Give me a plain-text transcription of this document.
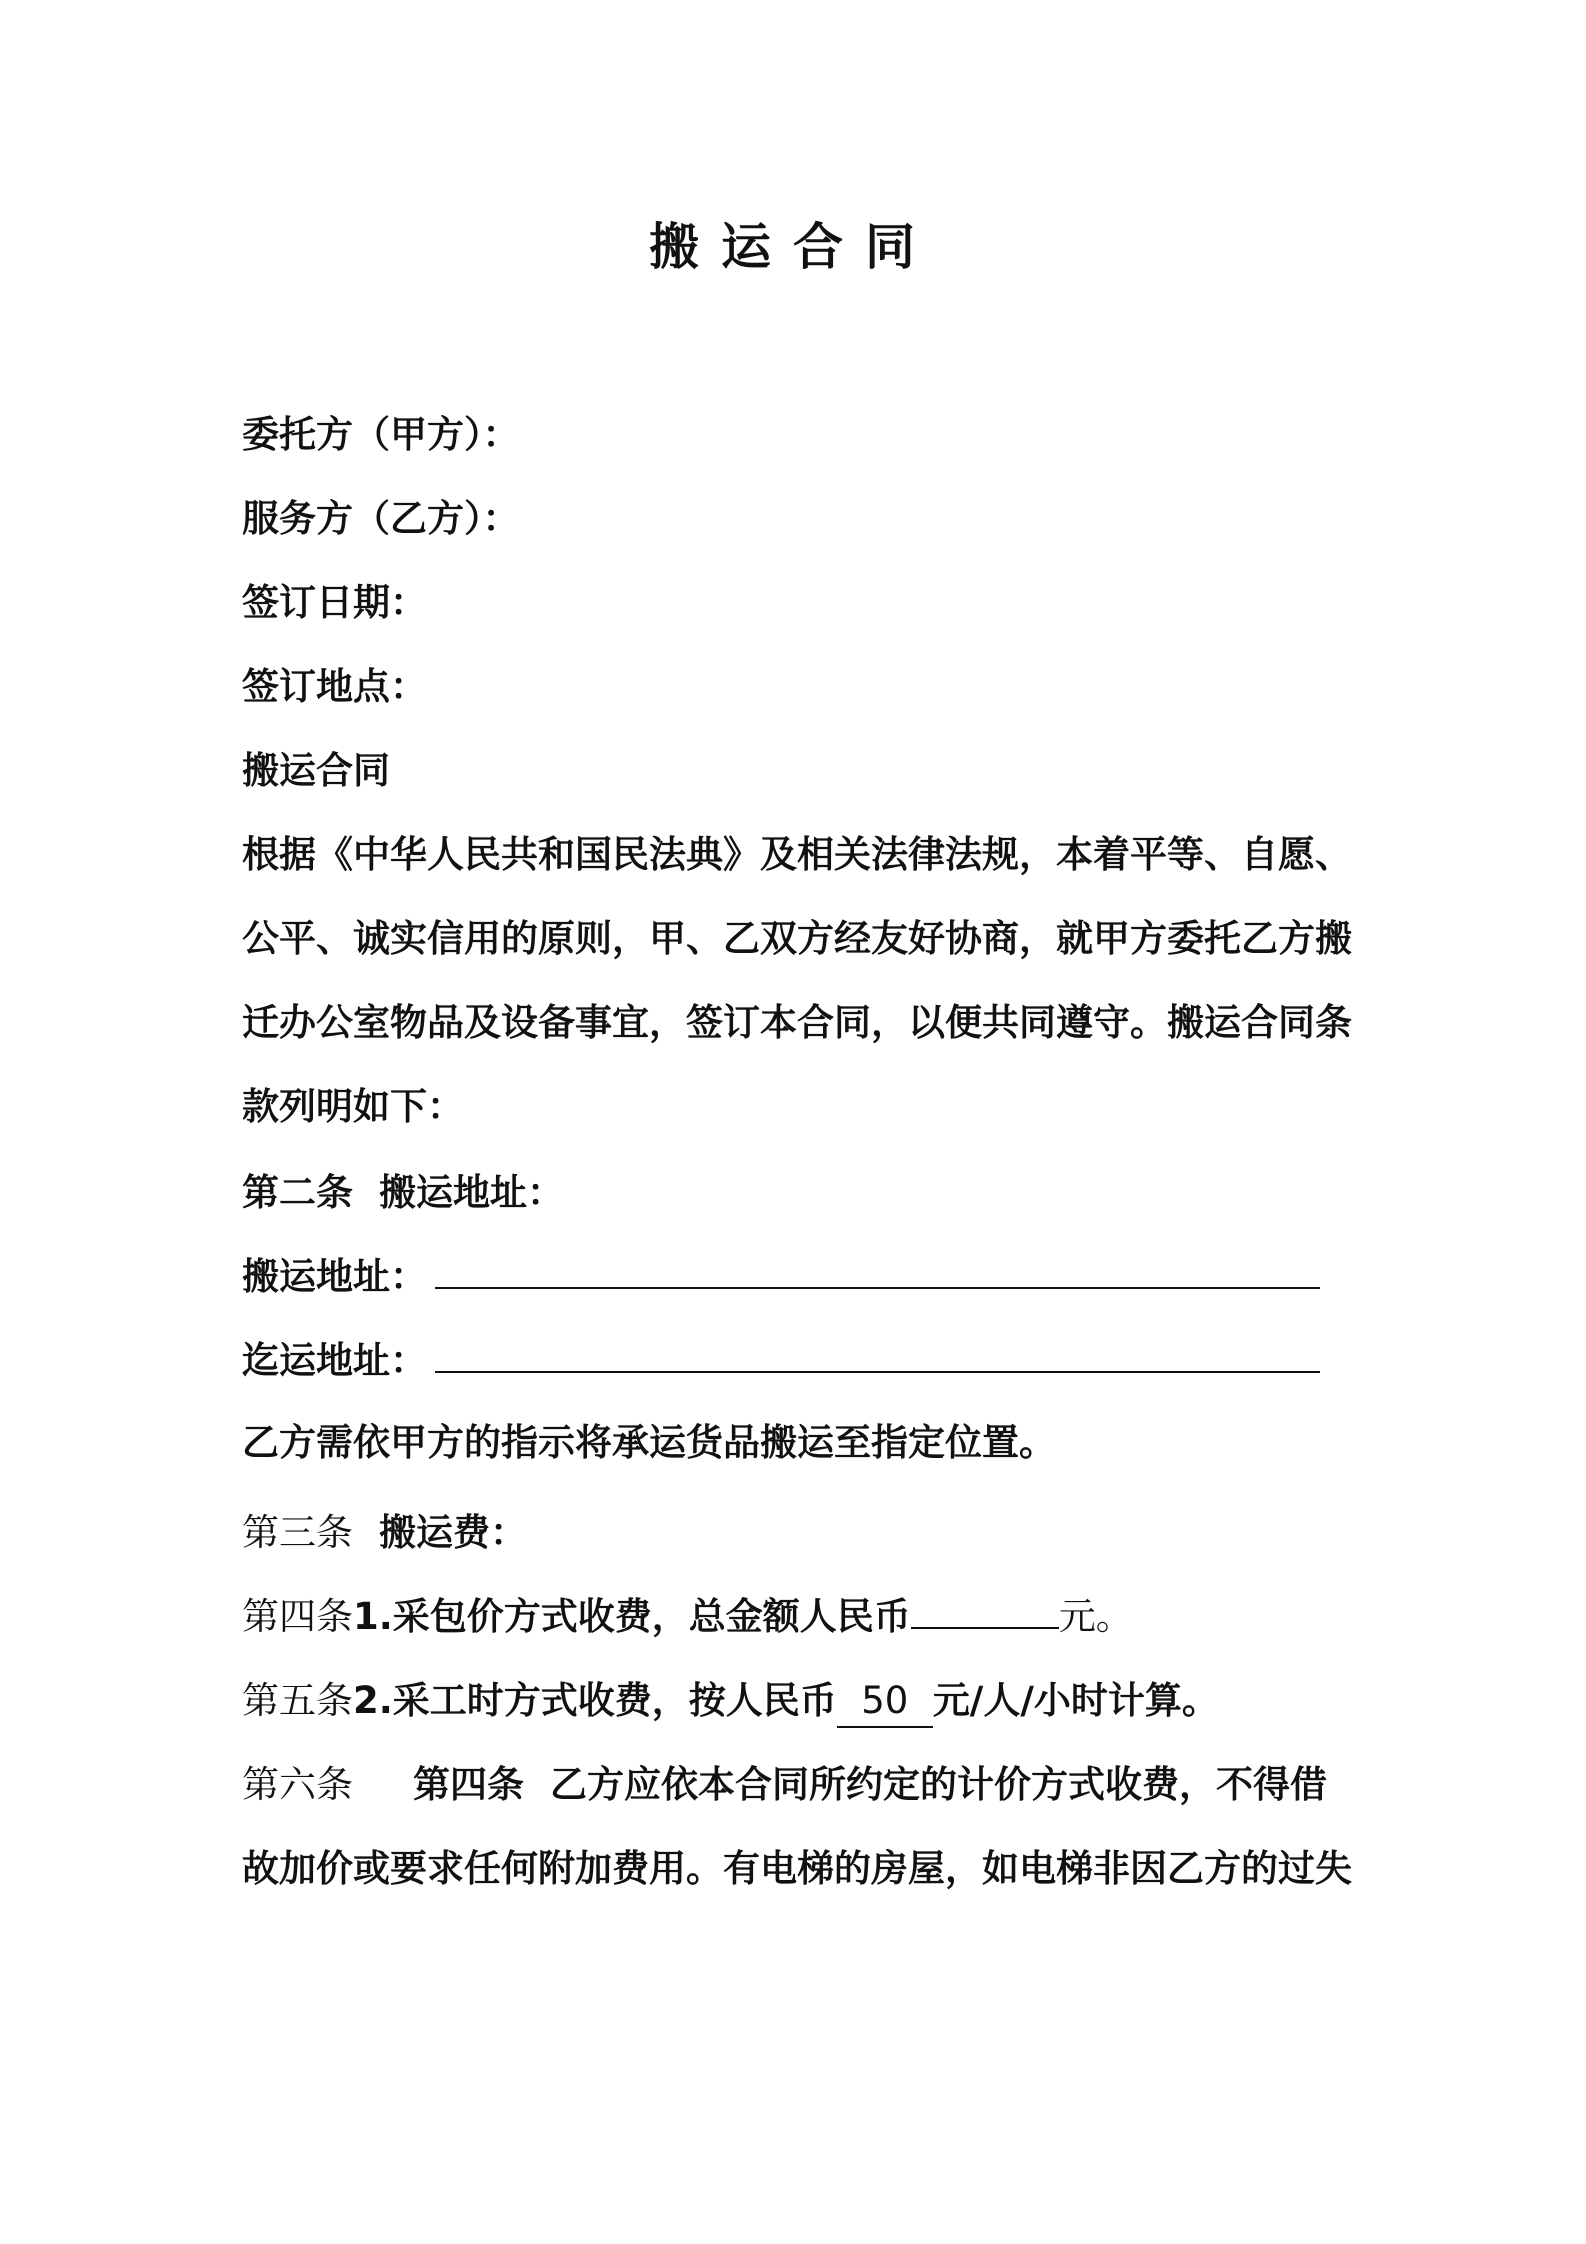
搬运合同
委托方（甲方）：
服务方（乙方）：
签订日期：
签订地点：
搬运合同
根据《中华人民共和国民法典》及相关法律法规，本着平等、自愿、
公平、诚实信用的原则，甲、乙双方经友好协商，就甲方委托乙方搬
迁办公室物品及设备事宜，签订本合同，以便共同遵守。搬运合同条
款列明如下：
第二条 搬运地址：
搬运地址：
迄运地址：
乙方需依甲方的指示将承运货品搬运至指定位置。
第三条 搬运费：
第四条1.采包价方式收费，总金额人民币	元。
第五条2.采工时方式收费，按人民币 50 元/人/小时计算。
第六条 第四条 乙方应依本合同所约定的计价方式收费，不得借
故加价或要求任何附加费用。有电梯的房屋，如电梯非因乙方的过失
